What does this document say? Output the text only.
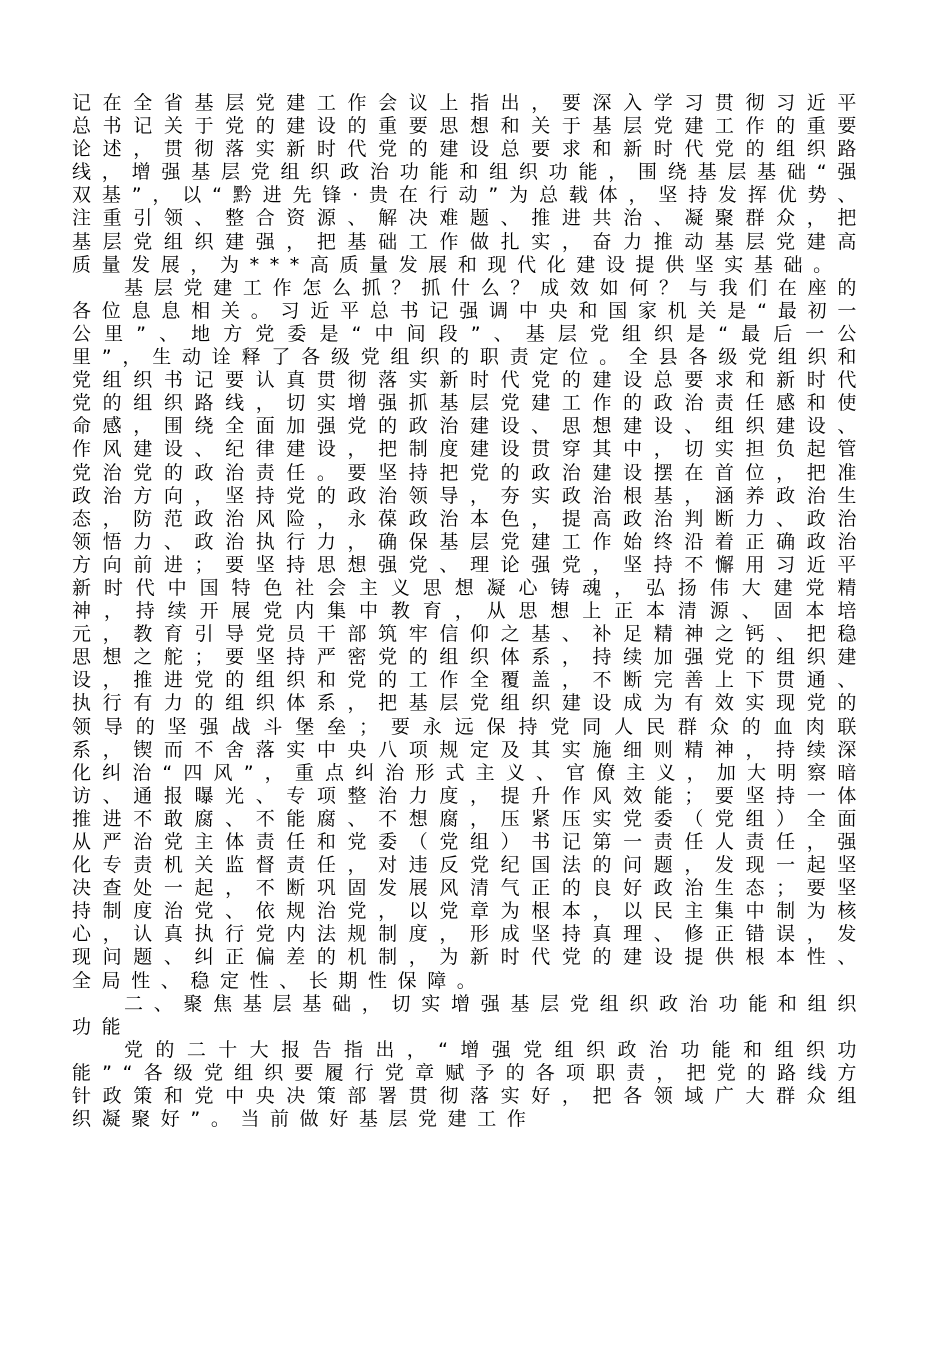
记在全省基层党建工作会议上指出，要深入学习贯彻习近平总书记关于党的建设的重要思想和关于基层党建工作的重要论述，贯彻落实新时代党的建设总要求和新时代党的组织路线，增强基层党组织政治功能和组织功能，围绕基层基础“强双基”，以“黔进先锋·贵在行动”为总载体，坚持发挥优势、注重引领、整合资源、解决难题、推进共治、凝聚群众，把基层党组织建强，把基础工作做扎实，奋力推动基层党建高质量发展，为***高质量发展和现代化建设提供坚实基础。

基层党建工作怎么抓？抓什么？成效如何？与我们在座的各位息息相关。习近平总书记强调中央和国家机关是“最初一公里”、地方党委是“中间段”、基层党组织是“最后一公里”，生动诠释了各级党组织的职责定位。全县各级党组织和党组织书记要认真贯彻落实新时代党的建设总要求和新时代党的组织路线，切实增强抓基层党建工作的政治责任感和使命感，围绕全面加强党的政治建设、思想建设、组织建设、作风建设、纪律建设，把制度建设贯穿其中，切实担负起管党治党的政治责任。要坚持把党的政治建设摆在首位，把准政治方向，坚持党的政治领导，夯实政治根基，涵养政治生态，防范政治风险，永葆政治本色，提高政治判断力、政治领悟力、政治执行力，确保基层党建工作始终沿着正确政治方向前进；要坚持思想强党、理论强党，坚持不懈用习近平新时代中国特色社会主义思想凝心铸魂，弘扬伟大建党精神，持续开展党内集中教育，从思想上正本清源、固本培元，教育引导党员干部筑牢信仰之基、补足精神之钙、把稳思想之舵；要坚持严密党的组织体系，持续加强党的组织建设，推进党的组织和党的工作全覆盖，不断完善上下贯通、执行有力的组织体系，把基层党组织建设成为有效实现党的领导的坚强战斗堡垒；要永远保持党同人民群众的血肉联系，锲而不舍落实中央八项规定及其实施细则精神，持续深化纠治“四风”，重点纠治形式主义、官僚主义，加大明察暗访、通报曝光、专项整治力度，提升作风效能；要坚持一体推进不敢腐、不能腐、不想腐，压紧压实党委（党组）全面从严治党主体责任和党委（党组）书记第一责任人责任，强化专责机关监督责任，对违反党纪国法的问题，发现一起坚决查处一起，不断巩固发展风清气正的良好政治生态；要坚持制度治党、依规治党，以党章为根本，以民主集中制为核心，认真执行党内法规制度，形成坚持真理、修正错误，发现问题、纠正偏差的机制，为新时代党的建设提供根本性、全局性、稳定性、长期性保障。

二、聚焦基层基础，切实增强基层党组织政治功能和组织功能

党的二十大报告指出，“增强党组织政治功能和组织功能”“各级党组织要履行党章赋予的各项职责，把党的路线方针政策和党中央决策部署贯彻落实好，把各领域广大群众组织凝聚好”。当前做好基层党建工作
